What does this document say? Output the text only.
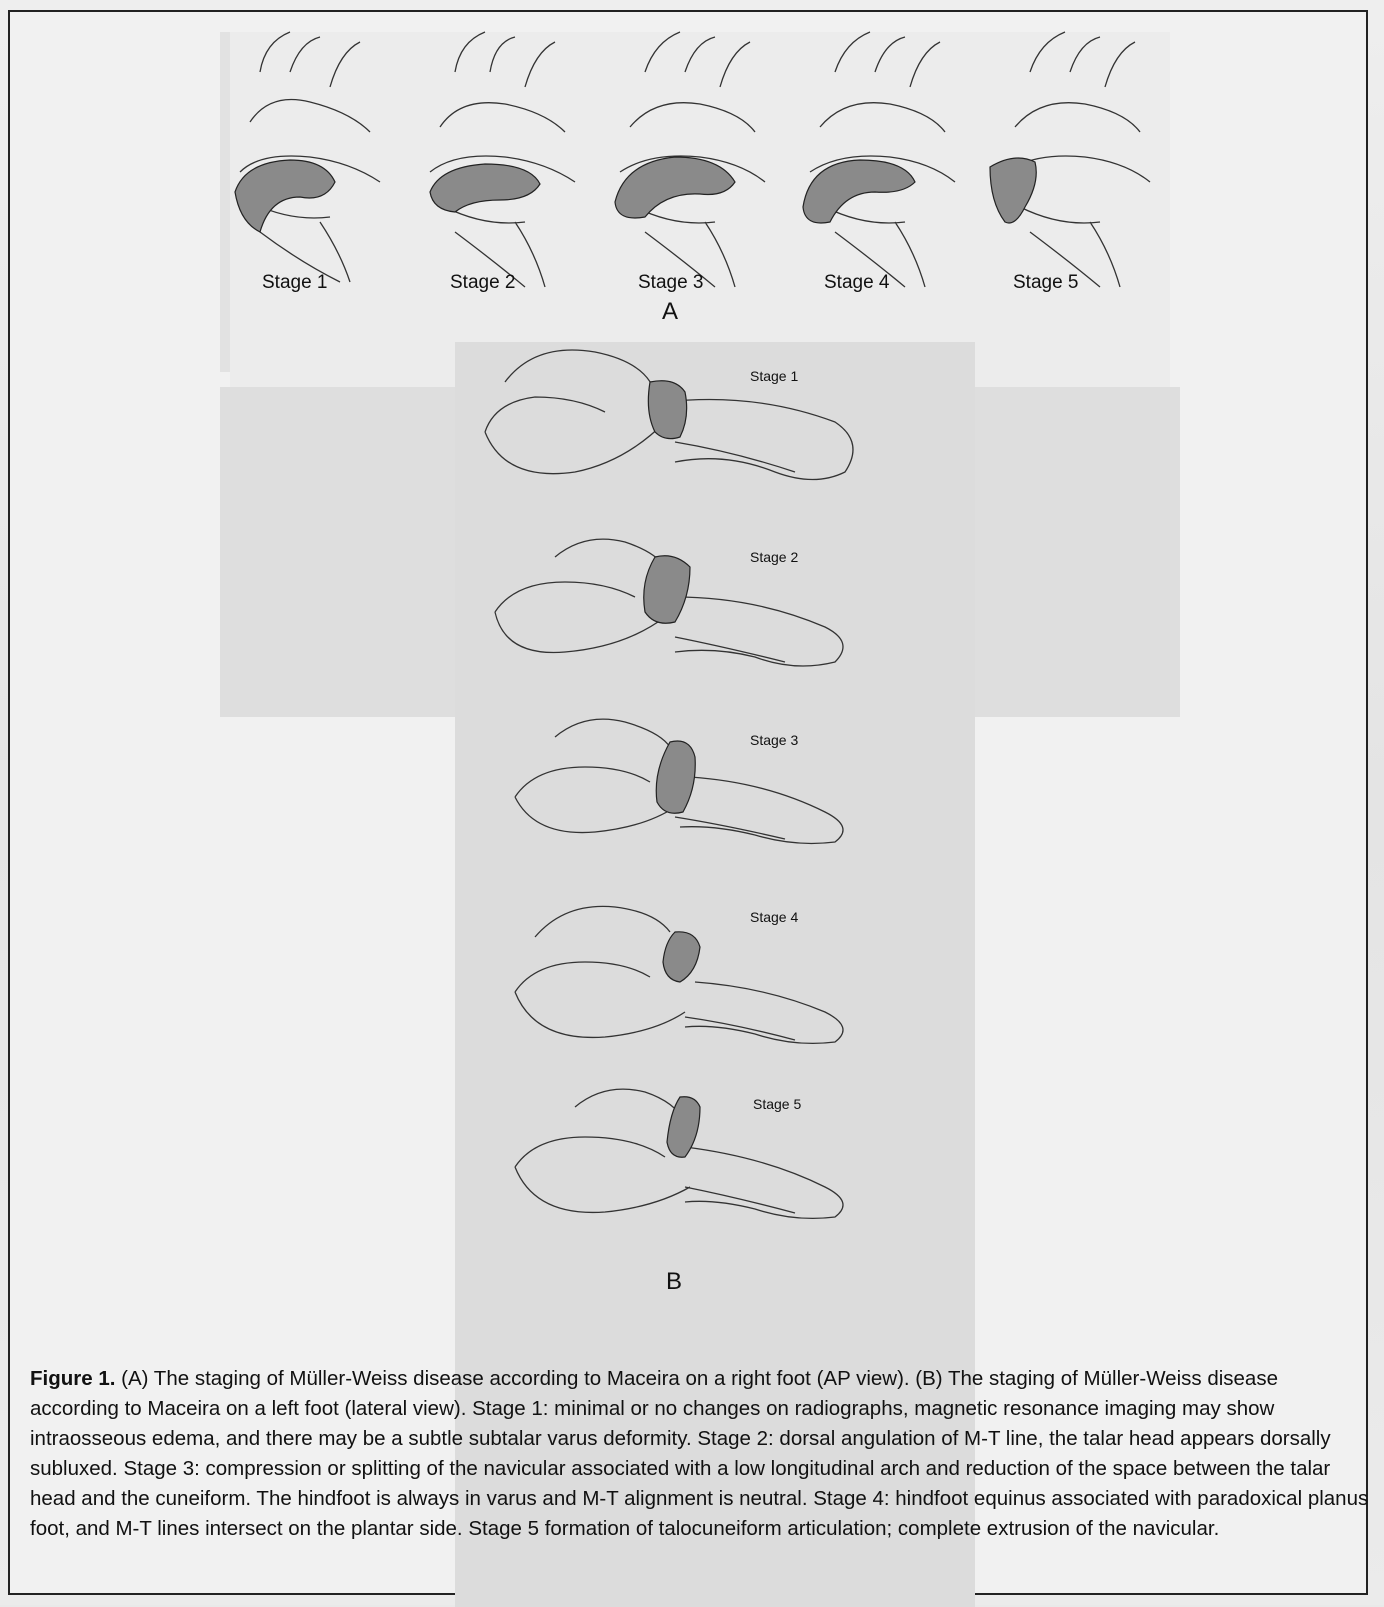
Stage 1	Stage 2	Stage 3	Stage 4	Stage 5
A
Stage 1
Stage 2
Stage 3
Stage 4
Stage 5
B
Figure 1. (A) The staging of Müller-Weiss disease according to Maceira on a right foot (AP view). (B) The staging of Müller-Weiss disease according to Maceira on a left foot (lateral view). Stage 1: minimal or no changes on radiographs, magnetic resonance imaging may show intraosseous edema, and there may be a subtle subtalar varus deformity. Stage 2: dorsal angulation of M-T line, the talar head appears dorsally subluxed. Stage 3: compression or splitting of the navicular associated with a low longitudinal arch and reduction of the space between the talar head and the cuneiform. The hindfoot is always in varus and M-T alignment is neutral. Stage 4: hindfoot equinus associated with paradoxical planus foot, and M-T lines intersect on the plantar side. Stage 5 formation of talocuneiform articulation; complete extrusion of the navicular.
